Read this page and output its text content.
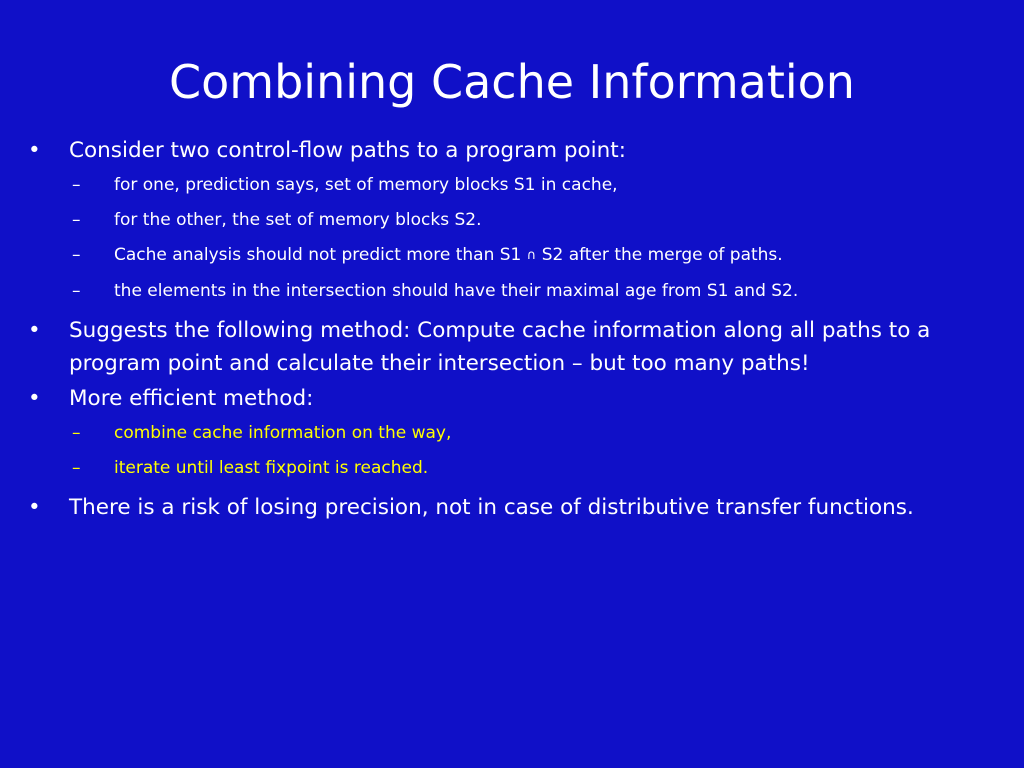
Combining Cache Information
• Consider two control-flow paths to a program point:
– for one, prediction says, set of memory blocks S1 in cache,
– for the other, the set of memory blocks S2.
– Cache analysis should not predict more than S1 ∩ S2 after the merge of paths.
– the elements in the intersection should have their maximal age from S1 and S2.
• Suggests the following method: Compute cache information along all paths to a program point and calculate their intersection – but too many paths!
• More efficient method:
– combine cache information on the way,
– iterate until least fixpoint is reached.
• There is a risk of losing precision, not in case of distributive transfer functions.
